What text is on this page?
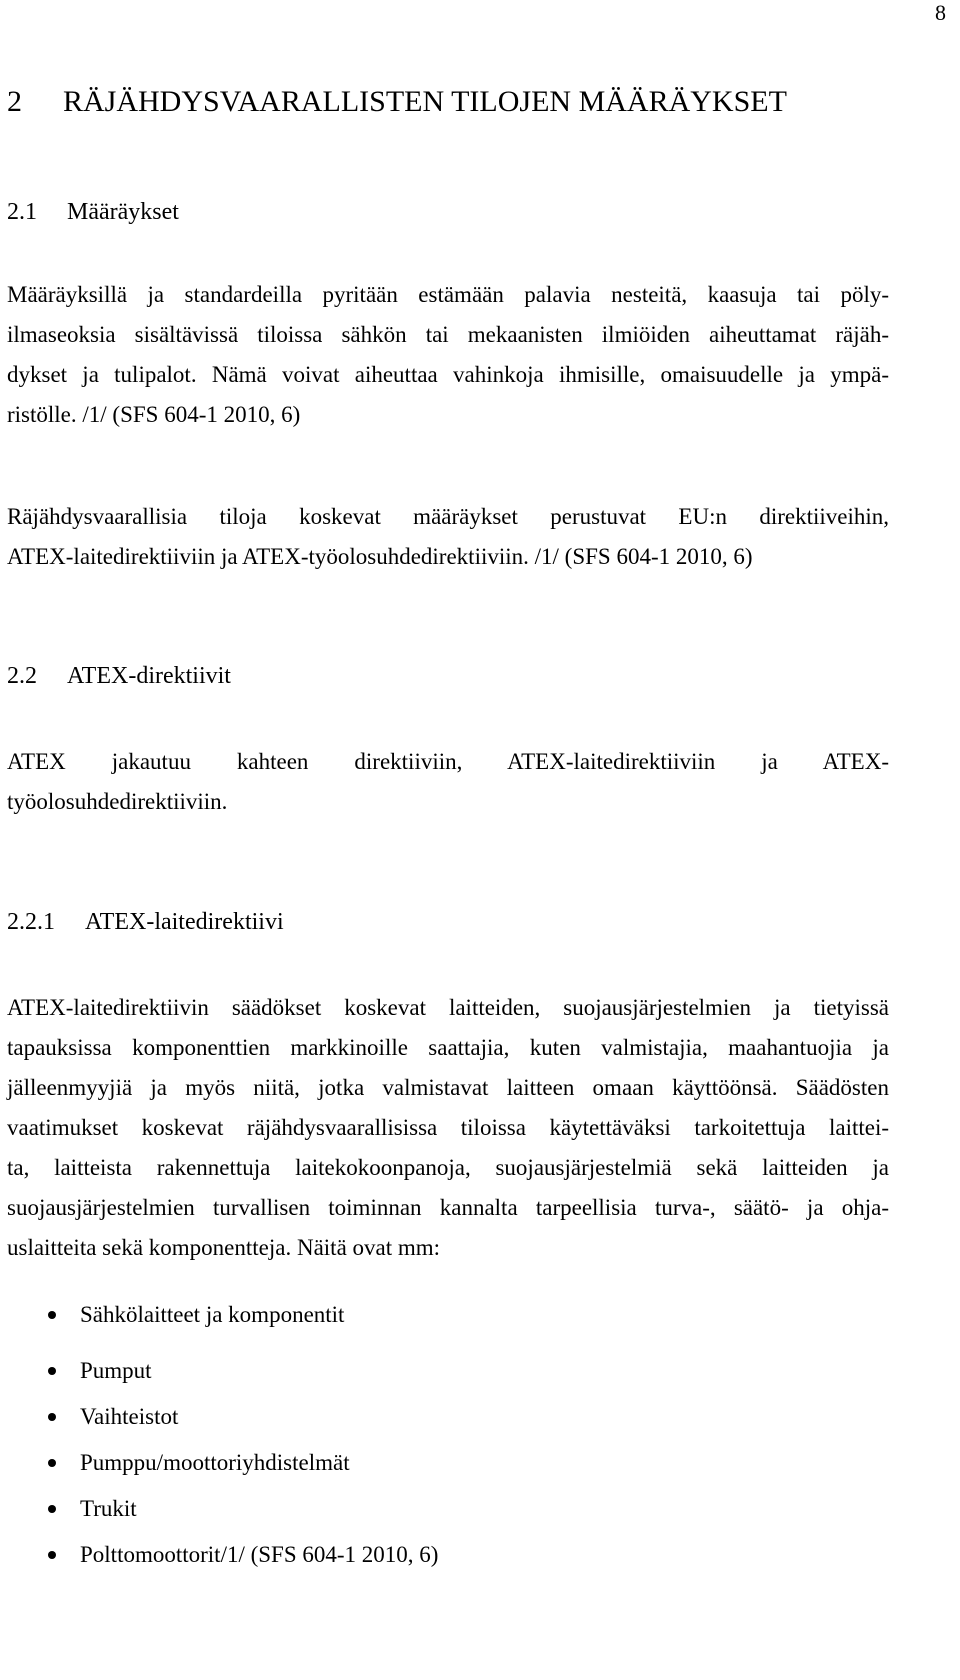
8
2 RÄJÄHDYSVAARALLISTEN TILOJEN MÄÄRÄYKSET
2.1 Määräykset
Määräyksillä ja standardeilla pyritään estämään palavia nesteitä, kaasuja tai pöly-
ilmaseoksia sisältävissä tiloissa sähkön tai mekaanisten ilmiöiden aiheuttamat räjäh-
dykset ja tulipalot. Nämä voivat aiheuttaa vahinkoja ihmisille, omaisuudelle ja ympä-
ristölle. /1/ (SFS 604-1 2010, 6)
Räjähdysvaarallisia tiloja koskevat määräykset perustuvat EU:n direktiiveihin,
ATEX-laitedirektiiviin ja ATEX-työolosuhdedirektiiviin. /1/ (SFS 604-1 2010, 6)
2.2 ATEX-direktiivit
ATEX jakautuu kahteen direktiiviin, ATEX-laitedirektiiviin ja ATEX-
työolosuhdedirektiiviin.
2.2.1 ATEX-laitedirektiivi
ATEX-laitedirektiivin säädökset koskevat laitteiden, suojausjärjestelmien ja tietyissä
tapauksissa komponenttien markkinoille saattajia, kuten valmistajia, maahantuojia ja
jälleenmyyjiä ja myös niitä, jotka valmistavat laitteen omaan käyttöönsä. Säädösten
vaatimukset koskevat räjähdysvaarallisissa tiloissa käytettäväksi tarkoitettuja laittei-
ta, laitteista rakennettuja laitekokoonpanoja, suojausjärjestelmiä sekä laitteiden ja
suojausjärjestelmien turvallisen toiminnan kannalta tarpeellisia turva-, säätö- ja ohja-
uslaitteita sekä komponentteja. Näitä ovat mm:
Sähkölaitteet ja komponentit
Pumput
Vaihteistot
Pumppu/moottoriyhdistelmät
Trukit
Polttomoottorit/1/ (SFS 604-1 2010, 6)
